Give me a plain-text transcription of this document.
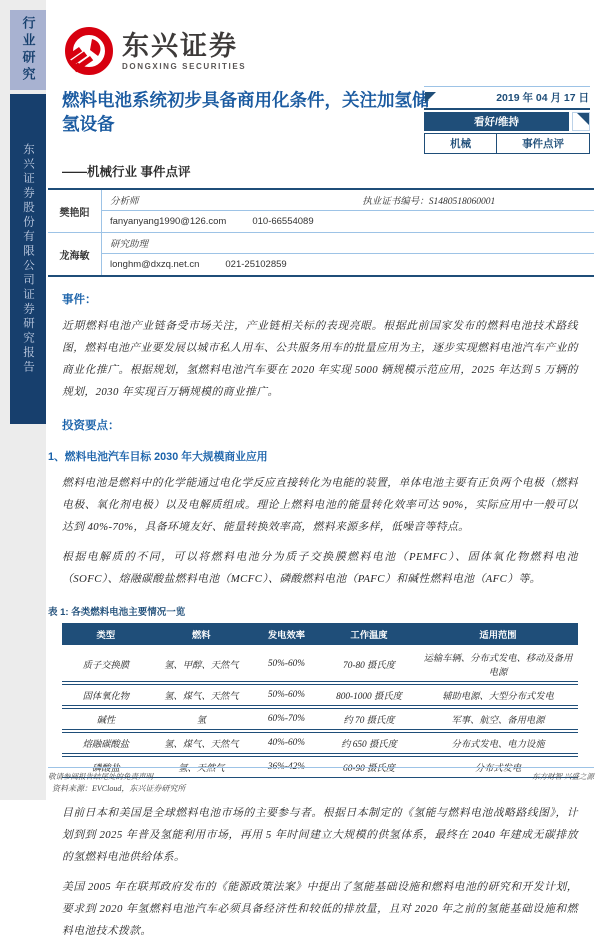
行业研究
东兴证券股份有限公司证券研究报告
东兴证券
DONGXING SECURITIES
燃料电池系统初步具备商用化条件，关注加氢储氢设备
2019 年 04 月 17 日
看好/维持
机械	事件点评
——机械行业 事件点评
樊艳阳
分析师	执业证书编号：S1480518060001
fanyanyang1990@126.com	010-66554089
龙海敏
研究助理
longhm@dxzq.net.cn	021-25102859
事件：

近期燃料电池产业链备受市场关注，产业链相关标的表现亮眼。根据此前国家发布的燃料电池技术路线图，燃料电池产业要发展以城市私人用车、公共服务用车的批量应用为主，逐步实现燃料电池汽车产业的商业化推广。根据规划，氢燃料电池汽车要在 2020 年实现 5000 辆规模示范应用，2025 年达到 5 万辆的规划，2030 年实现百万辆规模的商业推广。

投资要点：
1、燃料电池汽车目标 2030 年大规模商业应用

燃料电池是燃料中的化学能通过电化学反应直接转化为电能的装置，单体电池主要有正负两个电极（燃料电极、氧化剂电极）以及电解质组成。理论上燃料电池的能量转化效率可达 90%，实际应用中一般可以达到 40%-70%，具备环境友好、能量转换效率高，燃料来源多样，低噪音等特点。

根据电解质的不同，可以将燃料电池分为质子交换膜燃料电池（PEMFC）、固体氧化物燃料电池（SOFC）、熔融碳酸盐燃料电池（MCFC）、磷酸燃料电池（PAFC）和碱性燃料电池（AFC）等。

表 1: 各类燃料电池主要情况一览
类型	燃料	发电效率	工作温度	适用范围
质子交换膜	氢、甲醇、天然气	50%-60%	70-80 摄氏度	运输车辆、分布式发电、移动及备用电源
固体氧化物	氢、煤气、天然气	50%-60%	800-1000 摄氏度	辅助电源、大型分布式发电
碱性	氢	60%-70%	约 70 摄氏度	军事、航空、备用电源
熔融碳酸盐	氢、煤气、天然气	40%-60%	约 650 摄氏度	分布式发电、电力设施
磷酸盐	氢、天然气	36%-42%	60-90 摄氏度	分布式发电
资料来源：EVCloud，东兴证券研究所

目前日本和美国是全球燃料电池市场的主要参与者。根据日本制定的《氢能与燃料电池战略路线图》，计划到到 2025 年普及氢能利用市场，再用 5 年时间建立大规模的供氢体系，最终在 2040 年建成无碳排放的氢燃料电池供给体系。

美国 2005 年在联邦政府发布的《能源政策法案》中提出了氢能基础设施和燃料电池的研究和开发计划，要求到 2020 年氢燃料电池汽车必须具备经济性和较低的排放量，且对 2020 年之前的氢能基础设施和燃料电池技术拨款。

敬请参阅报告结尾处的免责声明	东方财智 兴盛之源
